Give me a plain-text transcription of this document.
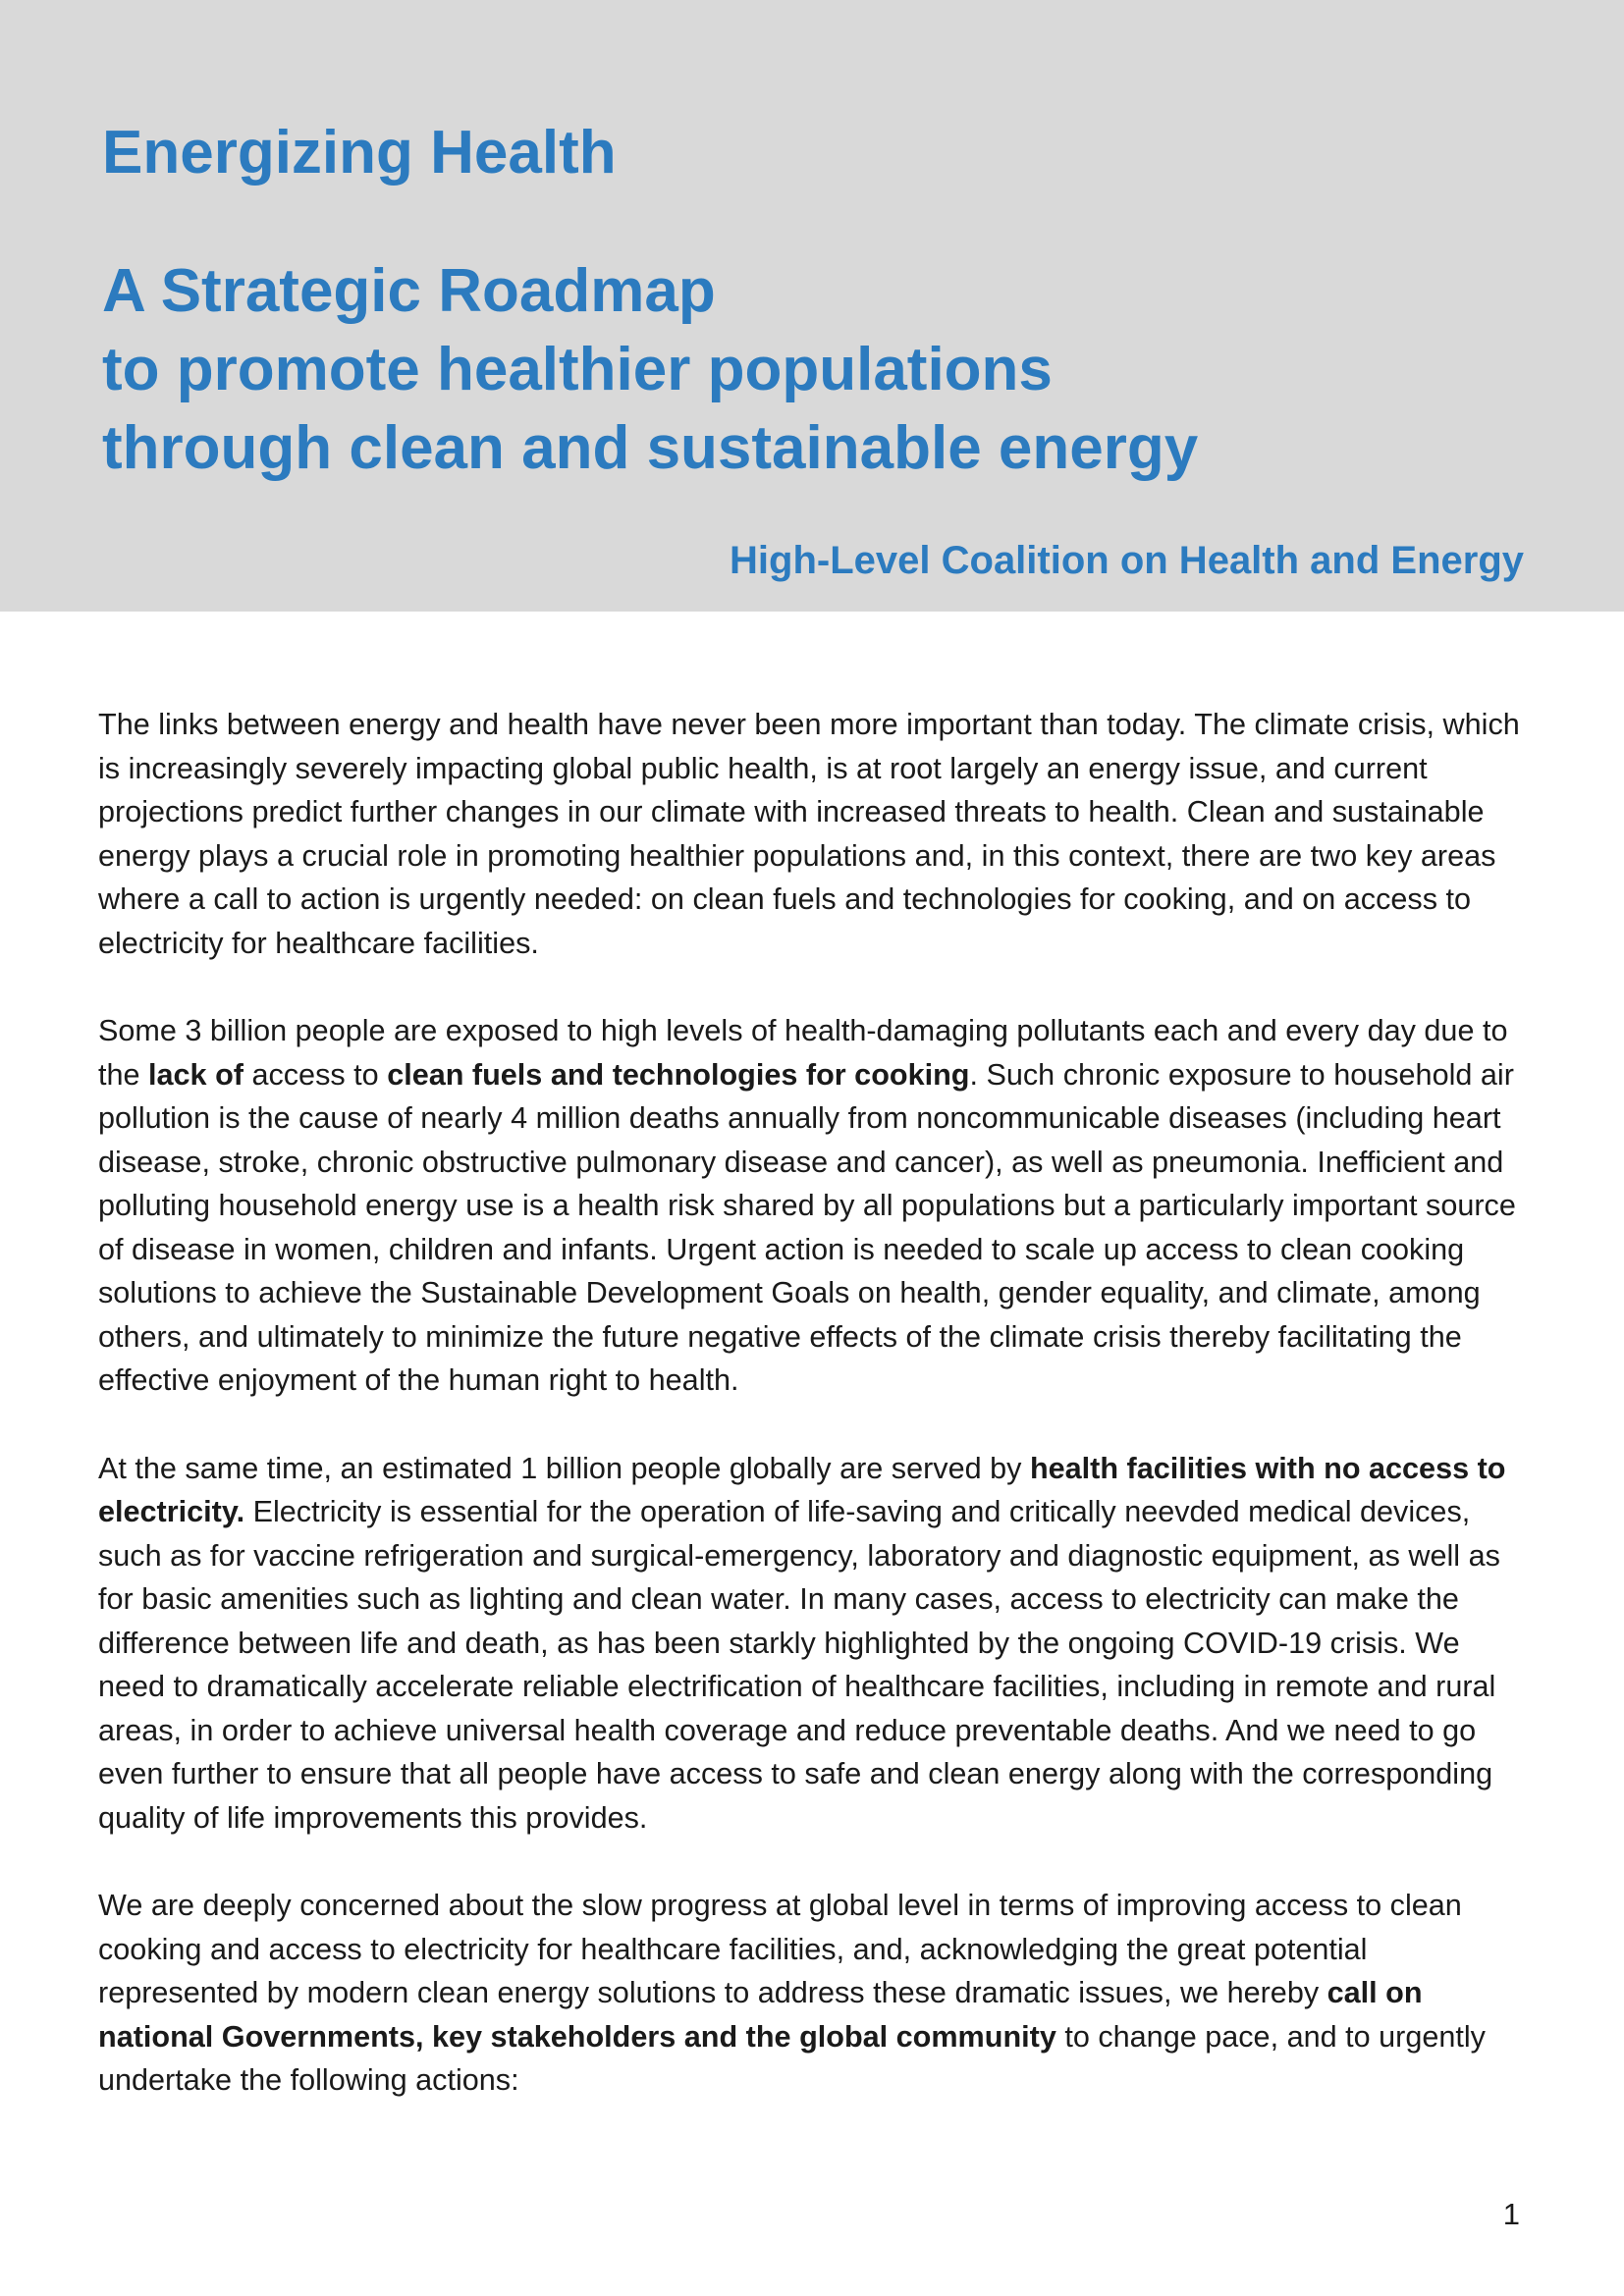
Energizing Health
A Strategic Roadmap
to promote healthier populations
through clean and sustainable energy
High-Level Coalition on Health and Energy

The links between energy and health have never been more important than today. The climate crisis, which is increasingly severely impacting global public health, is at root largely an energy issue, and current projections predict further changes in our climate with increased threats to health. Clean and sustainable energy plays a crucial role in promoting healthier populations and, in this context, there are two key areas where a call to action is urgently needed: on clean fuels and technologies for cooking, and on access to electricity for healthcare facilities.

Some 3 billion people are exposed to high levels of health-damaging pollutants each and every day due to the lack of access to clean fuels and technologies for cooking. Such chronic exposure to household air pollution is the cause of nearly 4 million deaths annually from noncommunicable diseases (including heart disease, stroke, chronic obstructive pulmonary disease and cancer), as well as pneumonia. Inefficient and polluting household energy use is a health risk shared by all populations but a particularly important source of disease in women, children and infants. Urgent action is needed to scale up access to clean cooking solutions to achieve the Sustainable Development Goals on health, gender equality, and climate, among others, and ultimately to minimize the future negative effects of the climate crisis thereby facilitating the effective enjoyment of the human right to health.

At the same time, an estimated 1 billion people globally are served by health facilities with no access to electricity. Electricity is essential for the operation of life-saving and critically neevded medical devices, such as for vaccine refrigeration and surgical-emergency, laboratory and diagnostic equipment, as well as for basic amenities such as lighting and clean water. In many cases, access to electricity can make the difference between life and death, as has been starkly highlighted by the ongoing COVID-19 crisis. We need to dramatically accelerate reliable electrification of healthcare facilities, including in remote and rural areas, in order to achieve universal health coverage and reduce preventable deaths. And we need to go even further to ensure that all people have access to safe and clean energy along with the corresponding quality of life improvements this provides.

We are deeply concerned about the slow progress at global level in terms of improving access to clean cooking and access to electricity for healthcare facilities, and, acknowledging the great potential represented by modern clean energy solutions to address these dramatic issues, we hereby call on national Governments, key stakeholders and the global community to change pace, and to urgently undertake the following actions:

1
